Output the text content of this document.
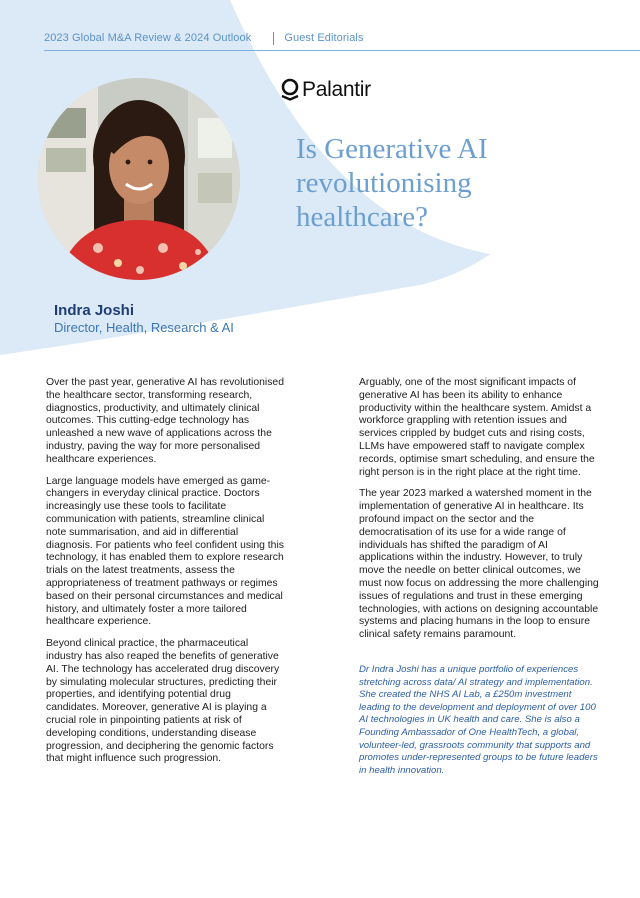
2023 Global M&A Review & 2024 Outlook	Guest Editorials
Palantir
Is Generative AI
revolutionising
healthcare?
Indra Joshi
Director, Health, Research & AI

Over the past year, generative AI has revolutionised the healthcare sector, transforming research, diagnostics, productivity, and ultimately clinical outcomes. This cutting-edge technology has unleashed a new wave of applications across the industry, paving the way for more personalised healthcare experiences.

Large language models have emerged as game-changers in everyday clinical practice. Doctors increasingly use these tools to facilitate communication with patients, streamline clinical note summarisation, and aid in differential diagnosis. For patients who feel confident using this technology, it has enabled them to explore research trials on the latest treatments, assess the appropriateness of treatment pathways or regimes based on their personal circumstances and medical history, and ultimately foster a more tailored healthcare experience.

Beyond clinical practice, the pharmaceutical industry has also reaped the benefits of generative AI. The technology has accelerated drug discovery by simulating molecular structures, predicting their properties, and identifying potential drug candidates. Moreover, generative AI is playing a crucial role in pinpointing patients at risk of developing conditions, understanding disease progression, and deciphering the genomic factors that might influence such progression.

Arguably, one of the most significant impacts of generative AI has been its ability to enhance productivity within the healthcare system. Amidst a workforce grappling with retention issues and services crippled by budget cuts and rising costs, LLMs have empowered staff to navigate complex records, optimise smart scheduling, and ensure the right person is in the right place at the right time.

The year 2023 marked a watershed moment in the implementation of generative AI in healthcare. Its profound impact on the sector and the democratisation of its use for a wide range of individuals has shifted the paradigm of AI applications within the industry. However, to truly move the needle on better clinical outcomes, we must now focus on addressing the more challenging issues of regulations and trust in these emerging technologies, with actions on designing accountable systems and placing humans in the loop to ensure clinical safety remains paramount.

Dr Indra Joshi has a unique portfolio of experiences stretching across data/ AI strategy and implementation. She created the NHS AI Lab, a £250m investment leading to the development and deployment of over 100 AI technologies in UK health and care. She is also a Founding Ambassador of One HealthTech, a global, volunteer-led, grassroots community that supports and promotes under-represented groups to be future leaders in health innovation.
